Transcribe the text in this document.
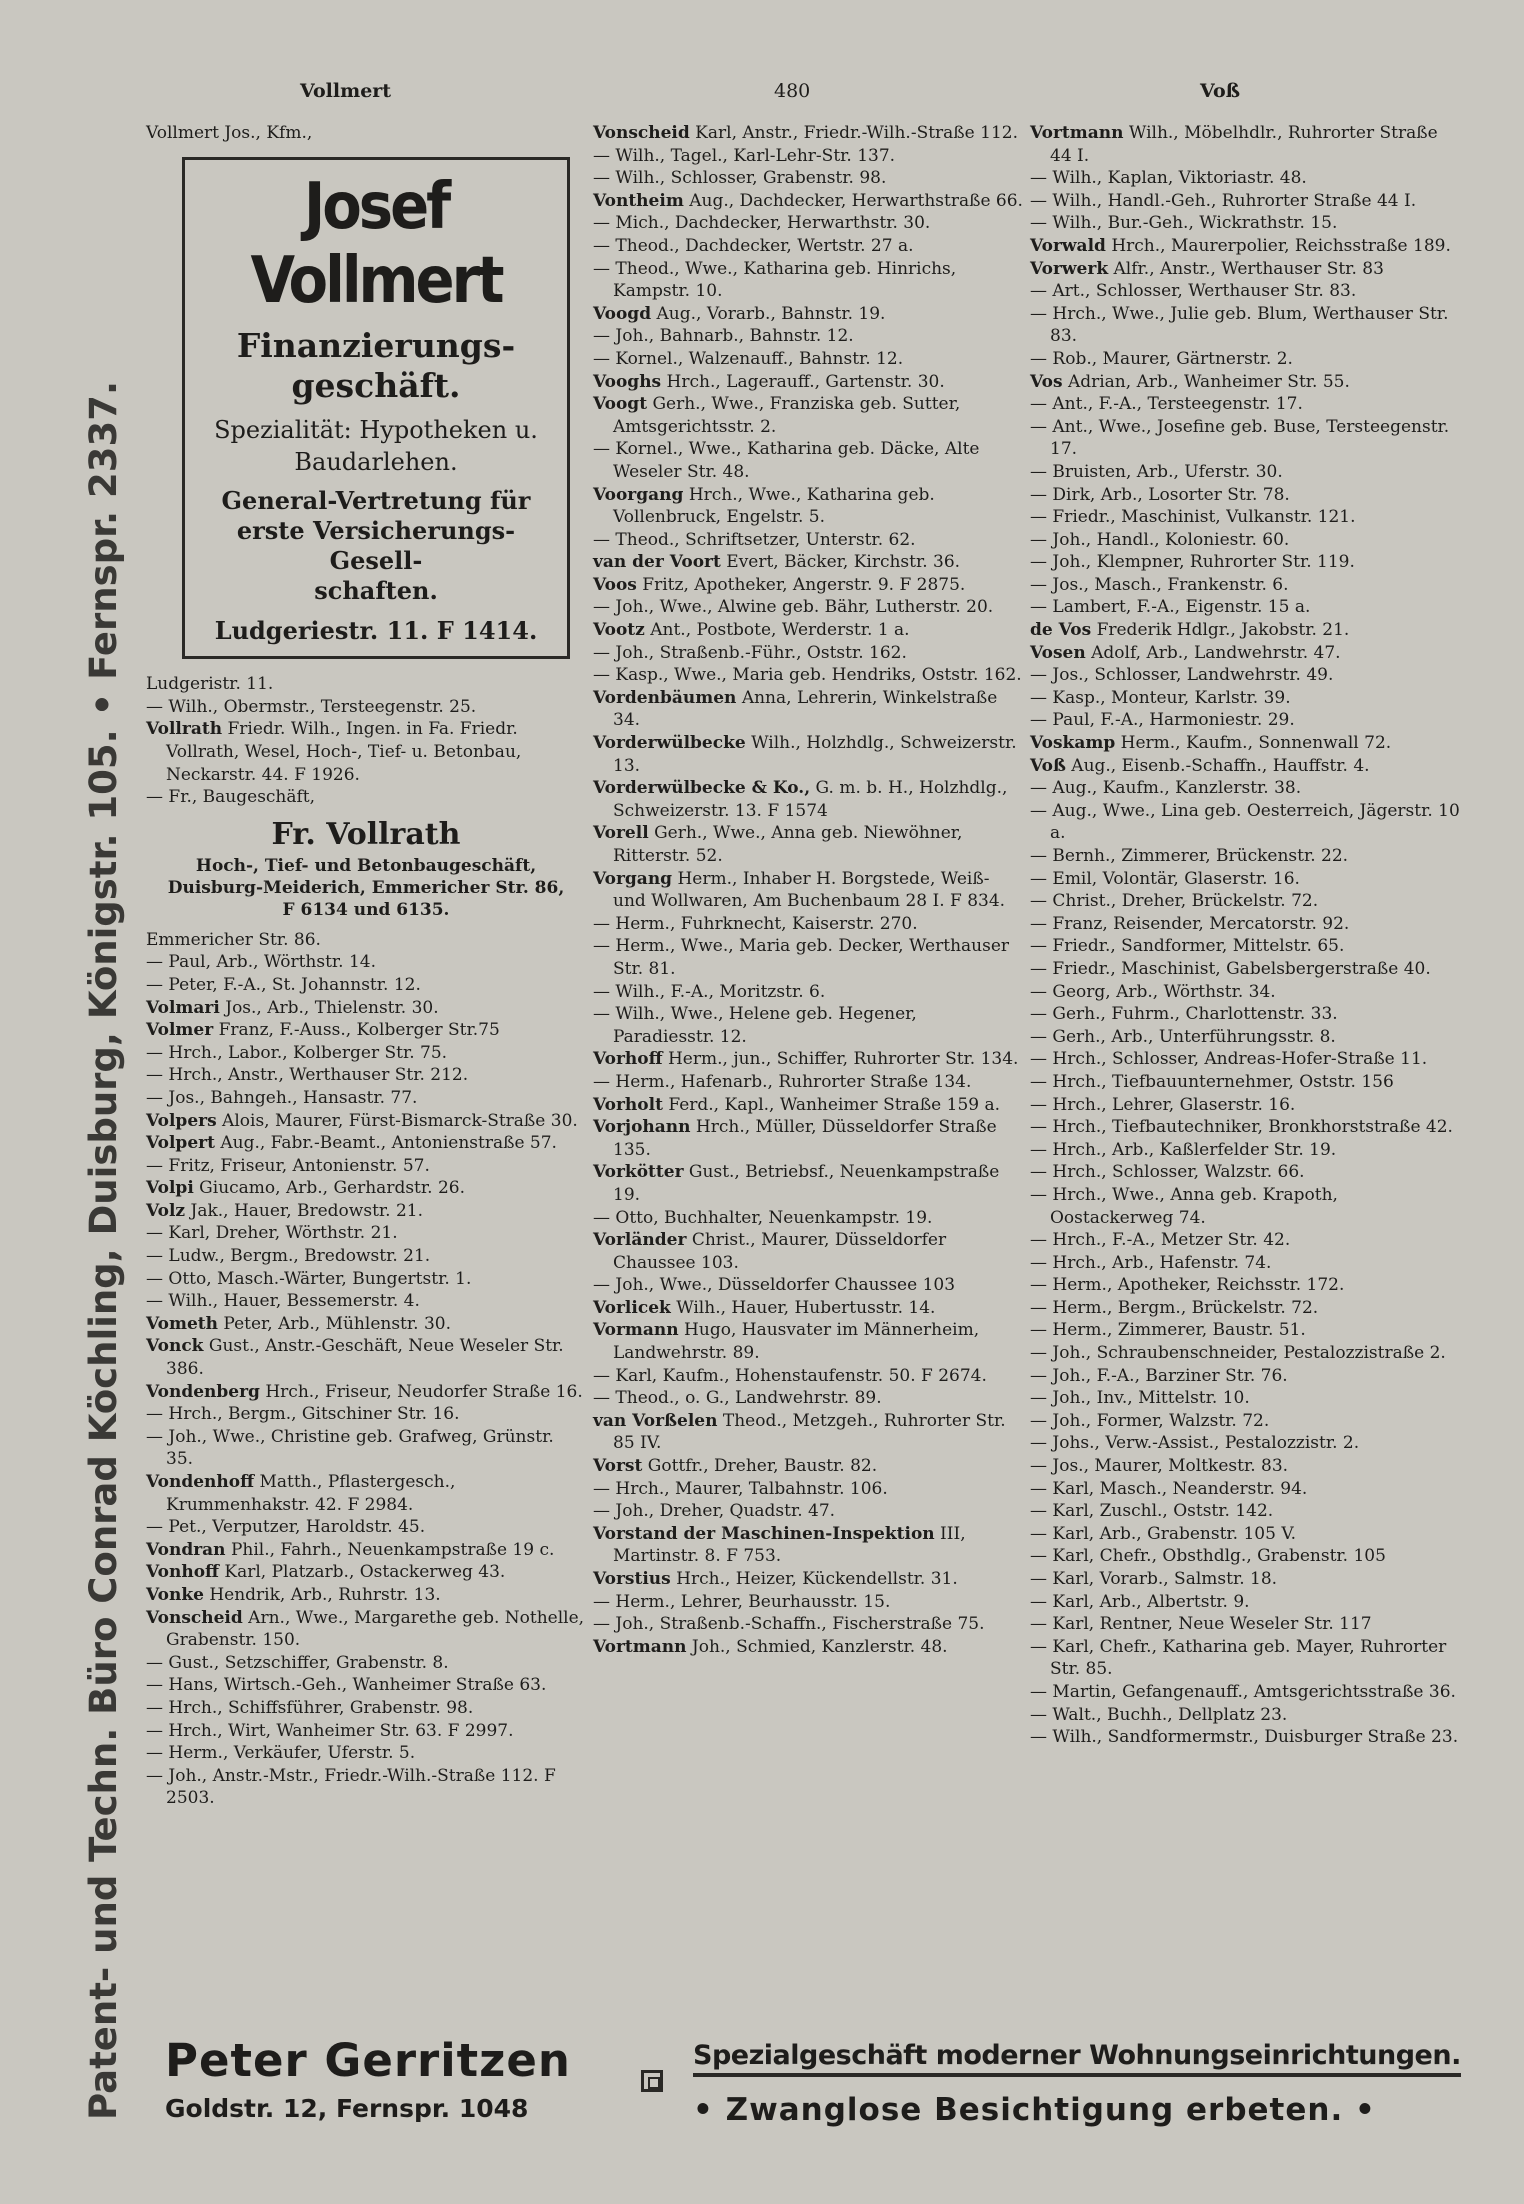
Vollmert	480	Voß
Patent- und Techn. Büro Conrad Köchling, Duisburg, Königstr. 105. • Fernspr. 2337.

Vollmert Jos., Kfm.,

Josef Vollmert
Finanzierungs-
geschäft.
Spezialität: Hypotheken u.
Baudarlehen.
General-Vertretung für
erste Versicherungs-Gesell-
schaften.
Ludgeriestr. 11. F 1414.

Ludgeristr. 11.

— Wilh., Obermstr., Tersteegenstr. 25.

Vollrath Friedr. Wilh., Ingen. in Fa. Friedr. Vollrath, Wesel, Hoch-, Tief- u. Betonbau, Neckarstr. 44. F 1926.

— Fr., Baugeschäft,

Fr. Vollrath
Hoch-, Tief- und Betonbaugeschäft,
Duisburg-Meiderich, Emmericher Str. 86,
F 6134 und 6135.

Emmericher Str. 86.

— Paul, Arb., Wörthstr. 14.

— Peter, F.-A., St. Johannstr. 12.

Volmari Jos., Arb., Thielenstr. 30.

Volmer Franz, F.-Auss., Kolberger Str.75

— Hrch., Labor., Kolberger Str. 75.

— Hrch., Anstr., Werthauser Str. 212.

— Jos., Bahngeh., Hansastr. 77.

Volpers Alois, Maurer, Fürst-Bismarck-Straße 30.

Volpert Aug., Fabr.-Beamt., Antonienstraße 57.

— Fritz, Friseur, Antonienstr. 57.

Volpi Giucamo, Arb., Gerhardstr. 26.

Volz Jak., Hauer, Bredowstr. 21.

— Karl, Dreher, Wörthstr. 21.

— Ludw., Bergm., Bredowstr. 21.

— Otto, Masch.-Wärter, Bungertstr. 1.

— Wilh., Hauer, Bessemerstr. 4.

Vometh Peter, Arb., Mühlenstr. 30.

Vonck Gust., Anstr.-Geschäft, Neue Weseler Str. 386.

Vondenberg Hrch., Friseur, Neudorfer Straße 16.

— Hrch., Bergm., Gitschiner Str. 16.

— Joh., Wwe., Christine geb. Grafweg, Grünstr. 35.

Vondenhoff Matth., Pflastergesch., Krummenhakstr. 42. F 2984.

— Pet., Verputzer, Haroldstr. 45.

Vondran Phil., Fahrh., Neuenkampstraße 19 c.

Vonhoff Karl, Platzarb., Ostackerweg 43.

Vonke Hendrik, Arb., Ruhrstr. 13.

Vonscheid Arn., Wwe., Margarethe geb. Nothelle, Grabenstr. 150.

— Gust., Setzschiffer, Grabenstr. 8.

— Hans, Wirtsch.-Geh., Wanheimer Straße 63.

— Hrch., Schiffsführer, Grabenstr. 98.

— Hrch., Wirt, Wanheimer Str. 63. F 2997.

— Herm., Verkäufer, Uferstr. 5.

— Joh., Anstr.-Mstr., Friedr.-Wilh.-Straße 112. F 2503.

Vonscheid Karl, Anstr., Friedr.-Wilh.-Straße 112.

— Wilh., Tagel., Karl-Lehr-Str. 137.

— Wilh., Schlosser, Grabenstr. 98.

Vontheim Aug., Dachdecker, Herwarthstraße 66.

— Mich., Dachdecker, Herwarthstr. 30.

— Theod., Dachdecker, Wertstr. 27 a.

— Theod., Wwe., Katharina geb. Hinrichs, Kampstr. 10.

Voogd Aug., Vorarb., Bahnstr. 19.

— Joh., Bahnarb., Bahnstr. 12.

— Kornel., Walzenauff., Bahnstr. 12.

Vooghs Hrch., Lagerauff., Gartenstr. 30.

Voogt Gerh., Wwe., Franziska geb. Sutter, Amtsgerichtsstr. 2.

— Kornel., Wwe., Katharina geb. Däcke, Alte Weseler Str. 48.

Voorgang Hrch., Wwe., Katharina geb. Vollenbruck, Engelstr. 5.

— Theod., Schriftsetzer, Unterstr. 62.

van der Voort Evert, Bäcker, Kirchstr. 36.

Voos Fritz, Apotheker, Angerstr. 9. F 2875.

— Joh., Wwe., Alwine geb. Bähr, Lutherstr. 20.

Vootz Ant., Postbote, Werderstr. 1 a.

— Joh., Straßenb.-Führ., Oststr. 162.

— Kasp., Wwe., Maria geb. Hendriks, Oststr. 162.

Vordenbäumen Anna, Lehrerin, Winkelstraße 34.

Vorderwülbecke Wilh., Holzhdlg., Schweizerstr. 13.

Vorderwülbecke & Ko., G. m. b. H., Holzhdlg., Schweizerstr. 13. F 1574

Vorell Gerh., Wwe., Anna geb. Niewöhner, Ritterstr. 52.

Vorgang Herm., Inhaber H. Borgstede, Weiß- und Wollwaren, Am Buchenbaum 28 I. F 834.

— Herm., Fuhrknecht, Kaiserstr. 270.

— Herm., Wwe., Maria geb. Decker, Werthauser Str. 81.

— Wilh., F.-A., Moritzstr. 6.

— Wilh., Wwe., Helene geb. Hegener, Paradiesstr. 12.

Vorhoff Herm., jun., Schiffer, Ruhrorter Str. 134.

— Herm., Hafenarb., Ruhrorter Straße 134.

Vorholt Ferd., Kapl., Wanheimer Straße 159 a.

Vorjohann Hrch., Müller, Düsseldorfer Straße 135.

Vorkötter Gust., Betriebsf., Neuenkampstraße 19.

— Otto, Buchhalter, Neuenkampstr. 19.

Vorländer Christ., Maurer, Düsseldorfer Chaussee 103.

— Joh., Wwe., Düsseldorfer Chaussee 103

Vorlicek Wilh., Hauer, Hubertusstr. 14.

Vormann Hugo, Hausvater im Männerheim, Landwehrstr. 89.

— Karl, Kaufm., Hohenstaufenstr. 50. F 2674.

— Theod., o. G., Landwehrstr. 89.

van Vorßelen Theod., Metzgeh., Ruhrorter Str. 85 IV.

Vorst Gottfr., Dreher, Baustr. 82.

— Hrch., Maurer, Talbahnstr. 106.

— Joh., Dreher, Quadstr. 47.

Vorstand der Maschinen-Inspektion III, Martinstr. 8. F 753.

Vorstius Hrch., Heizer, Kückendellstr. 31.

— Herm., Lehrer, Beurhausstr. 15.

— Joh., Straßenb.-Schaffn., Fischerstraße 75.

Vortmann Joh., Schmied, Kanzlerstr. 48.

Vortmann Wilh., Möbelhdlr., Ruhrorter Straße 44 I.

— Wilh., Kaplan, Viktoriastr. 48.

— Wilh., Handl.-Geh., Ruhrorter Straße 44 I.

— Wilh., Bur.-Geh., Wickrathstr. 15.

Vorwald Hrch., Maurerpolier, Reichsstraße 189.

Vorwerk Alfr., Anstr., Werthauser Str. 83

— Art., Schlosser, Werthauser Str. 83.

— Hrch., Wwe., Julie geb. Blum, Werthauser Str. 83.

— Rob., Maurer, Gärtnerstr. 2.

Vos Adrian, Arb., Wanheimer Str. 55.

— Ant., F.-A., Tersteegenstr. 17.

— Ant., Wwe., Josefine geb. Buse, Tersteegenstr. 17.

— Bruisten, Arb., Uferstr. 30.

— Dirk, Arb., Losorter Str. 78.

— Friedr., Maschinist, Vulkanstr. 121.

— Joh., Handl., Koloniestr. 60.

— Joh., Klempner, Ruhrorter Str. 119.

— Jos., Masch., Frankenstr. 6.

— Lambert, F.-A., Eigenstr. 15 a.

de Vos Frederik Hdlgr., Jakobstr. 21.

Vosen Adolf, Arb., Landwehrstr. 47.

— Jos., Schlosser, Landwehrstr. 49.

— Kasp., Monteur, Karlstr. 39.

— Paul, F.-A., Harmoniestr. 29.

Voskamp Herm., Kaufm., Sonnenwall 72.

Voß Aug., Eisenb.-Schaffn., Hauffstr. 4.

— Aug., Kaufm., Kanzlerstr. 38.

— Aug., Wwe., Lina geb. Oesterreich, Jägerstr. 10 a.

— Bernh., Zimmerer, Brückenstr. 22.

— Emil, Volontär, Glaserstr. 16.

— Christ., Dreher, Brückelstr. 72.

— Franz, Reisender, Mercatorstr. 92.

— Friedr., Sandformer, Mittelstr. 65.

— Friedr., Maschinist, Gabelsbergerstraße 40.

— Georg, Arb., Wörthstr. 34.

— Gerh., Fuhrm., Charlottenstr. 33.

— Gerh., Arb., Unterführungsstr. 8.

— Hrch., Schlosser, Andreas-Hofer-Straße 11.

— Hrch., Tiefbauunternehmer, Oststr. 156

— Hrch., Lehrer, Glaserstr. 16.

— Hrch., Tiefbautechniker, Bronkhorststraße 42.

— Hrch., Arb., Kaßlerfelder Str. 19.

— Hrch., Schlosser, Walzstr. 66.

— Hrch., Wwe., Anna geb. Krapoth, Oostackerweg 74.

— Hrch., F.-A., Metzer Str. 42.

— Hrch., Arb., Hafenstr. 74.

— Herm., Apotheker, Reichsstr. 172.

— Herm., Bergm., Brückelstr. 72.

— Herm., Zimmerer, Baustr. 51.

— Joh., Schraubenschneider, Pestalozzistraße 2.

— Joh., F.-A., Barziner Str. 76.

— Joh., Inv., Mittelstr. 10.

— Joh., Former, Walzstr. 72.

— Johs., Verw.-Assist., Pestalozzistr. 2.

— Jos., Maurer, Moltkestr. 83.

— Karl, Masch., Neanderstr. 94.

— Karl, Zuschl., Oststr. 142.

— Karl, Arb., Grabenstr. 105 V.

— Karl, Chefr., Obsthdlg., Grabenstr. 105

— Karl, Vorarb., Salmstr. 18.

— Karl, Arb., Albertstr. 9.

— Karl, Rentner, Neue Weseler Str. 117

— Karl, Chefr., Katharina geb. Mayer, Ruhrorter Str. 85.

— Martin, Gefangenauff., Amtsgerichtsstraße 36.

— Walt., Buchh., Dellplatz 23.

— Wilh., Sandformermstr., Duisburger Straße 23.

Peter Gerritzen
Goldstr. 12, Fernspr. 1048
Spezialgeschäft moderner Wohnungseinrichtungen.
• Zwanglose Besichtigung erbeten. •
